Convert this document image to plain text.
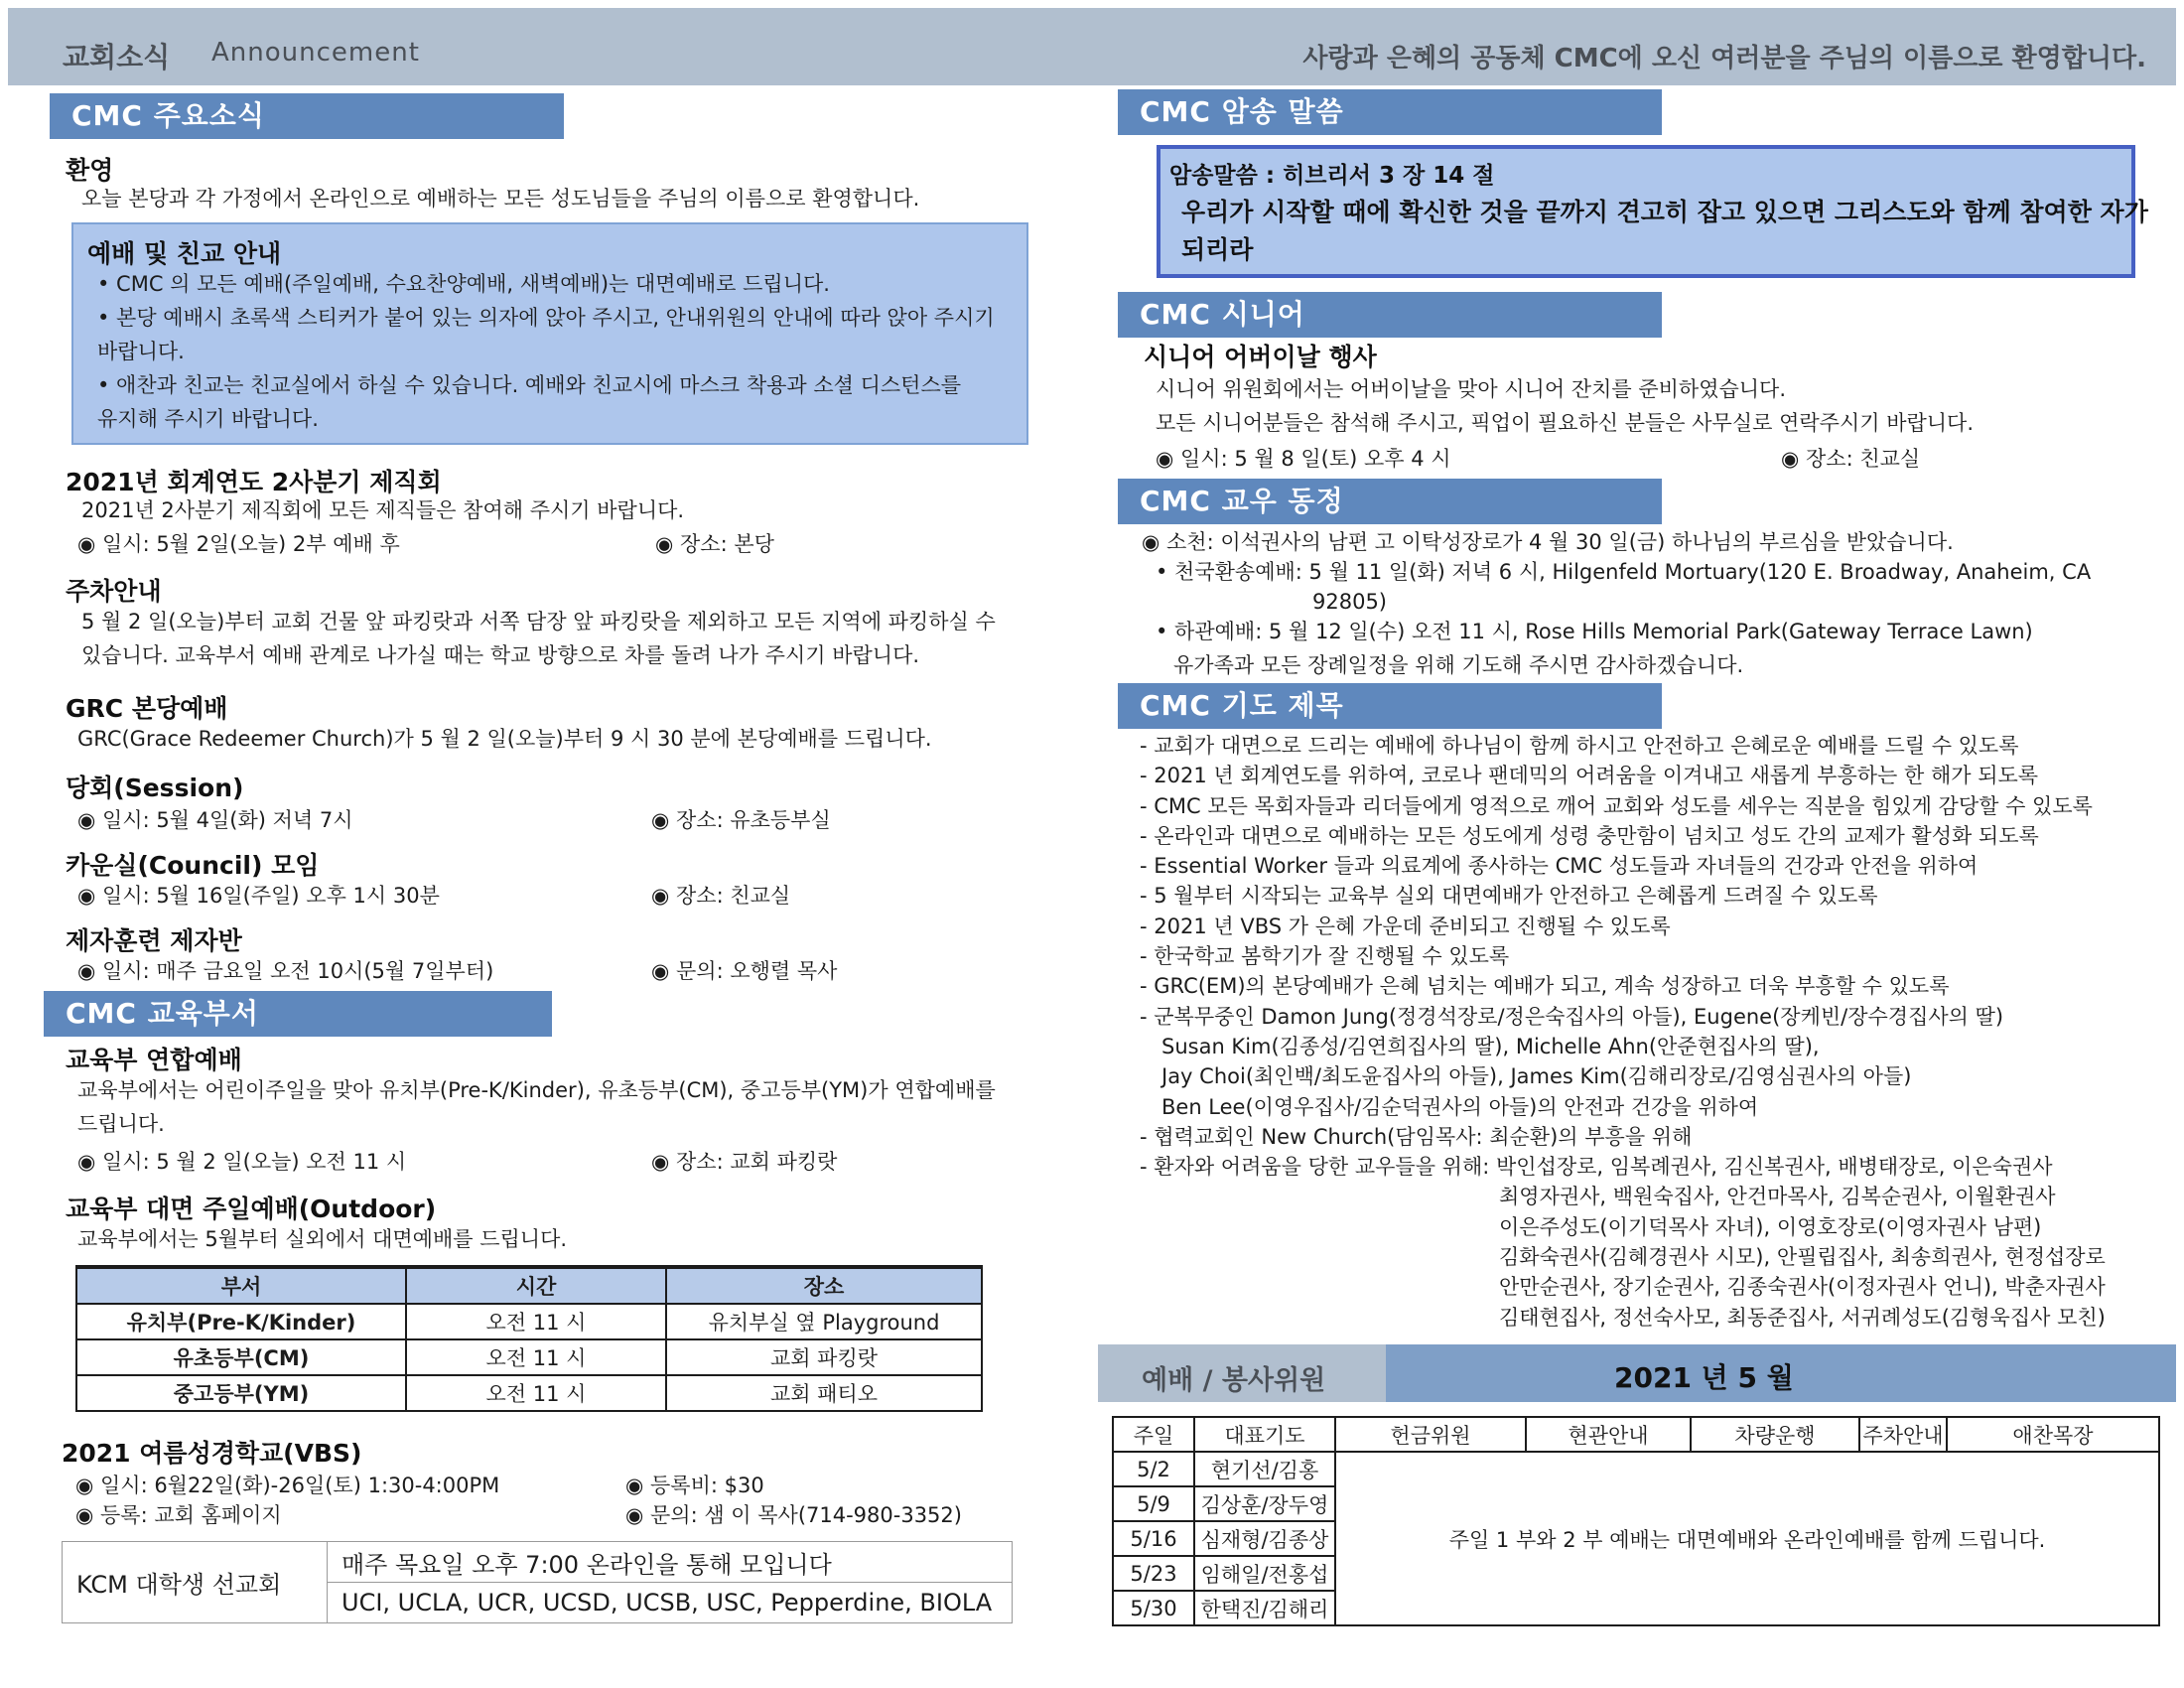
교회소식 Announcement	사랑과 은혜의 공동체 CMC에 오신 여러분을 주님의 이름으로 환영합니다.
CMC 주요소식
환영
오늘 본당과 각 가정에서 온라인으로 예배하는 모든 성도님들을 주님의 이름으로 환영합니다.
예배 및 친교 안내
• CMC 의 모든 예배(주일예배, 수요찬양예배, 새벽예배)는 대면예배로 드립니다.
• 본당 예배시 초록색 스티커가 붙어 있는 의자에 앉아 주시고, 안내위원의 안내에 따라 앉아 주시기
바랍니다.
• 애찬과 친교는 친교실에서 하실 수 있습니다. 예배와 친교시에 마스크 착용과 소셜 디스턴스를
유지해 주시기 바랍니다.
2021년 회계연도 2사분기 제직회
2021년 2사분기 제직회에 모든 제직들은 참여해 주시기 바랍니다.
◉ 일시: 5월 2일(오늘) 2부 예배 후	◉ 장소: 본당
주차안내
5 월 2 일(오늘)부터 교회 건물 앞 파킹랏과 서쪽 담장 앞 파킹랏을 제외하고 모든 지역에 파킹하실 수
있습니다. 교육부서 예배 관계로 나가실 때는 학교 방향으로 차를 돌려 나가 주시기 바랍니다.
GRC 본당예배
GRC(Grace Redeemer Church)가 5 월 2 일(오늘)부터 9 시 30 분에 본당예배를 드립니다.
당회(Session)
◉ 일시: 5월 4일(화) 저녁 7시	◉ 장소: 유초등부실
카운실(Council) 모임
◉ 일시: 5월 16일(주일) 오후 1시 30분	◉ 장소: 친교실
제자훈련 제자반
◉ 일시: 매주 금요일 오전 10시(5월 7일부터)	◉ 문의: 오행렬 목사
CMC 교육부서
교육부 연합예배
교육부에서는 어린이주일을 맞아 유치부(Pre-K/Kinder), 유초등부(CM), 중고등부(YM)가 연합예배를
드립니다.
◉ 일시: 5 월 2 일(오늘) 오전 11 시	◉ 장소: 교회 파킹랏
교육부 대면 주일예배(Outdoor)
교육부에서는 5월부터 실외에서 대면예배를 드립니다.
부서	시간	장소
유치부(Pre-K/Kinder)	오전 11 시	유치부실 옆 Playground
유초등부(CM)	오전 11 시	교회 파킹랏
중고등부(YM)	오전 11 시	교회 패티오
2021 여름성경학교(VBS)
◉ 일시: 6월22일(화)-26일(토) 1:30-4:00PM	◉ 등록비: $30
◉ 등록: 교회 홈페이지	◉ 문의: 샘 이 목사(714-980-3352)
KCM 대학생 선교회	매주 목요일 오후 7:00 온라인을 통해 모입니다
UCI, UCLA, UCR, UCSD, UCSB, USC, Pepperdine, BIOLA
CMC 암송 말씀
암송말씀 : 히브리서 3 장 14 절
우리가 시작할 때에 확신한 것을 끝까지 견고히 잡고 있으면 그리스도와 함께 참여한 자가
되리라
CMC 시니어
시니어 어버이날 행사
시니어 위원회에서는 어버이날을 맞아 시니어 잔치를 준비하였습니다.
모든 시니어분들은 참석해 주시고, 픽업이 필요하신 분들은 사무실로 연락주시기 바랍니다.
◉ 일시: 5 월 8 일(토) 오후 4 시	◉ 장소: 친교실
CMC 교우 동정
◉ 소천: 이석권사의 남편 고 이탁성장로가 4 월 30 일(금) 하나님의 부르심을 받았습니다.
• 천국환송예배: 5 월 11 일(화) 저녁 6 시, Hilgenfeld Mortuary(120 E. Broadway, Anaheim, CA
92805)
• 하관예배: 5 월 12 일(수) 오전 11 시, Rose Hills Memorial Park(Gateway Terrace Lawn)
유가족과 모든 장례일정을 위해 기도해 주시면 감사하겠습니다.
CMC 기도 제목
- 교회가 대면으로 드리는 예배에 하나님이 함께 하시고 안전하고 은혜로운 예배를 드릴 수 있도록
- 2021 년 회계연도를 위하여, 코로나 팬데믹의 어려움을 이겨내고 새롭게 부흥하는 한 해가 되도록
- CMC 모든 목회자들과 리더들에게 영적으로 깨어 교회와 성도를 세우는 직분을 힘있게 감당할 수 있도록
- 온라인과 대면으로 예배하는 모든 성도에게 성령 충만함이 넘치고 성도 간의 교제가 활성화 되도록
- Essential Worker 들과 의료계에 종사하는 CMC 성도들과 자녀들의 건강과 안전을 위하여
- 5 월부터 시작되는 교육부 실외 대면예배가 안전하고 은혜롭게 드려질 수 있도록
- 2021 년 VBS 가 은혜 가운데 준비되고 진행될 수 있도록
- 한국학교 봄학기가 잘 진행될 수 있도록
- GRC(EM)의 본당예배가 은혜 넘치는 예배가 되고, 계속 성장하고 더욱 부흥할 수 있도록
- 군복무중인 Damon Jung(정경석장로/정은숙집사의 아들), Eugene(장케빈/장수경집사의 딸)
Susan Kim(김종성/김연희집사의 딸), Michelle Ahn(안준현집사의 딸),
Jay Choi(최인백/최도윤집사의 아들), James Kim(김해리장로/김영심권사의 아들)
Ben Lee(이영우집사/김순덕권사의 아들)의 안전과 건강을 위하여
- 협력교회인 New Church(담임목사: 최순환)의 부흥을 위해
- 환자와 어려움을 당한 교우들을 위해: 박인섭장로, 임복례권사, 김신복권사, 배병태장로, 이은숙권사
최영자권사, 백원숙집사, 안건마목사, 김복순권사, 이월환권사
이은주성도(이기덕목사 자녀), 이영호장로(이영자권사 남편)
김화숙권사(김혜경권사 시모), 안필립집사, 최송희권사, 현정섭장로
안만순권사, 장기순권사, 김종숙권사(이정자권사 언니), 박춘자권사
김태현집사, 정선숙사모, 최동준집사, 서귀례성도(김형욱집사 모친)
예배 / 봉사위원	2021 년 5 월
주일	대표기도	헌금위원	현관안내	차량운행	주차안내	애찬목장
5/2	현기선/김홍	주일 1 부와 2 부 예배는 대면예배와 온라인예배를 함께 드립니다.				
5/9	김상훈/장두영					
5/16	심재형/김종상					
5/23	임해일/전홍섭					
5/30	한택진/김해리					
